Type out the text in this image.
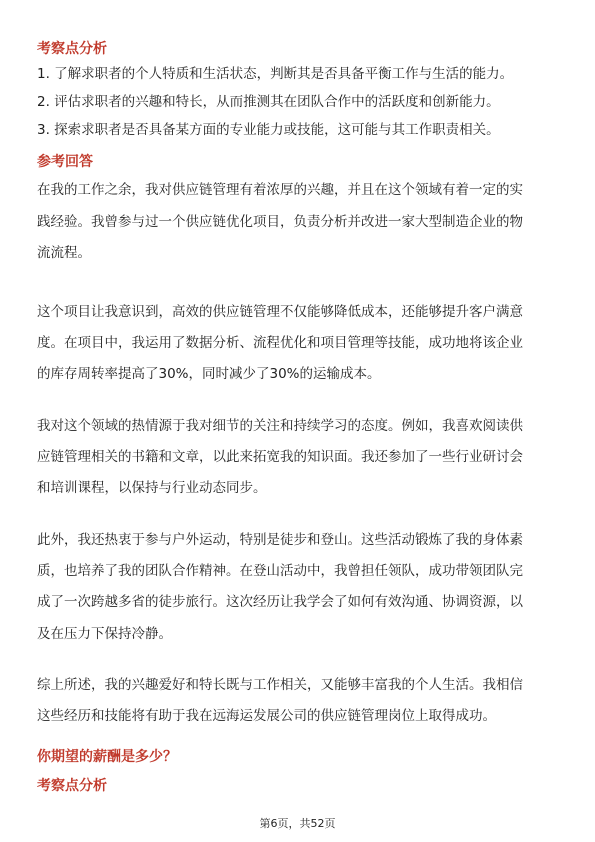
考察点分析
1. 了解求职者的个人特质和生活状态，判断其是否具备平衡工作与生活的能力。
2. 评估求职者的兴趣和特长，从而推测其在团队合作中的活跃度和创新能力。
3. 探索求职者是否具备某方面的专业能力或技能，这可能与其工作职责相关。
参考回答
在我的工作之余，我对供应链管理有着浓厚的兴趣，并且在这个领域有着一定的实
践经验。我曾参与过一个供应链优化项目，负责分析并改进一家大型制造企业的物
流流程。
这个项目让我意识到，高效的供应链管理不仅能够降低成本，还能够提升客户满意
度。在项目中，我运用了数据分析、流程优化和项目管理等技能，成功地将该企业
的库存周转率提高了30%，同时减少了30%的运输成本。
我对这个领域的热情源于我对细节的关注和持续学习的态度。例如，我喜欢阅读供
应链管理相关的书籍和文章，以此来拓宽我的知识面。我还参加了一些行业研讨会
和培训课程，以保持与行业动态同步。
此外，我还热衷于参与户外运动，特别是徒步和登山。这些活动锻炼了我的身体素
质，也培养了我的团队合作精神。在登山活动中，我曾担任领队，成功带领团队完
成了一次跨越多省的徒步旅行。这次经历让我学会了如何有效沟通、协调资源，以
及在压力下保持冷静。
综上所述，我的兴趣爱好和特长既与工作相关，又能够丰富我的个人生活。我相信
这些经历和技能将有助于我在远海运发展公司的供应链管理岗位上取得成功。
你期望的薪酬是多少？
考察点分析
第6页，共52页
